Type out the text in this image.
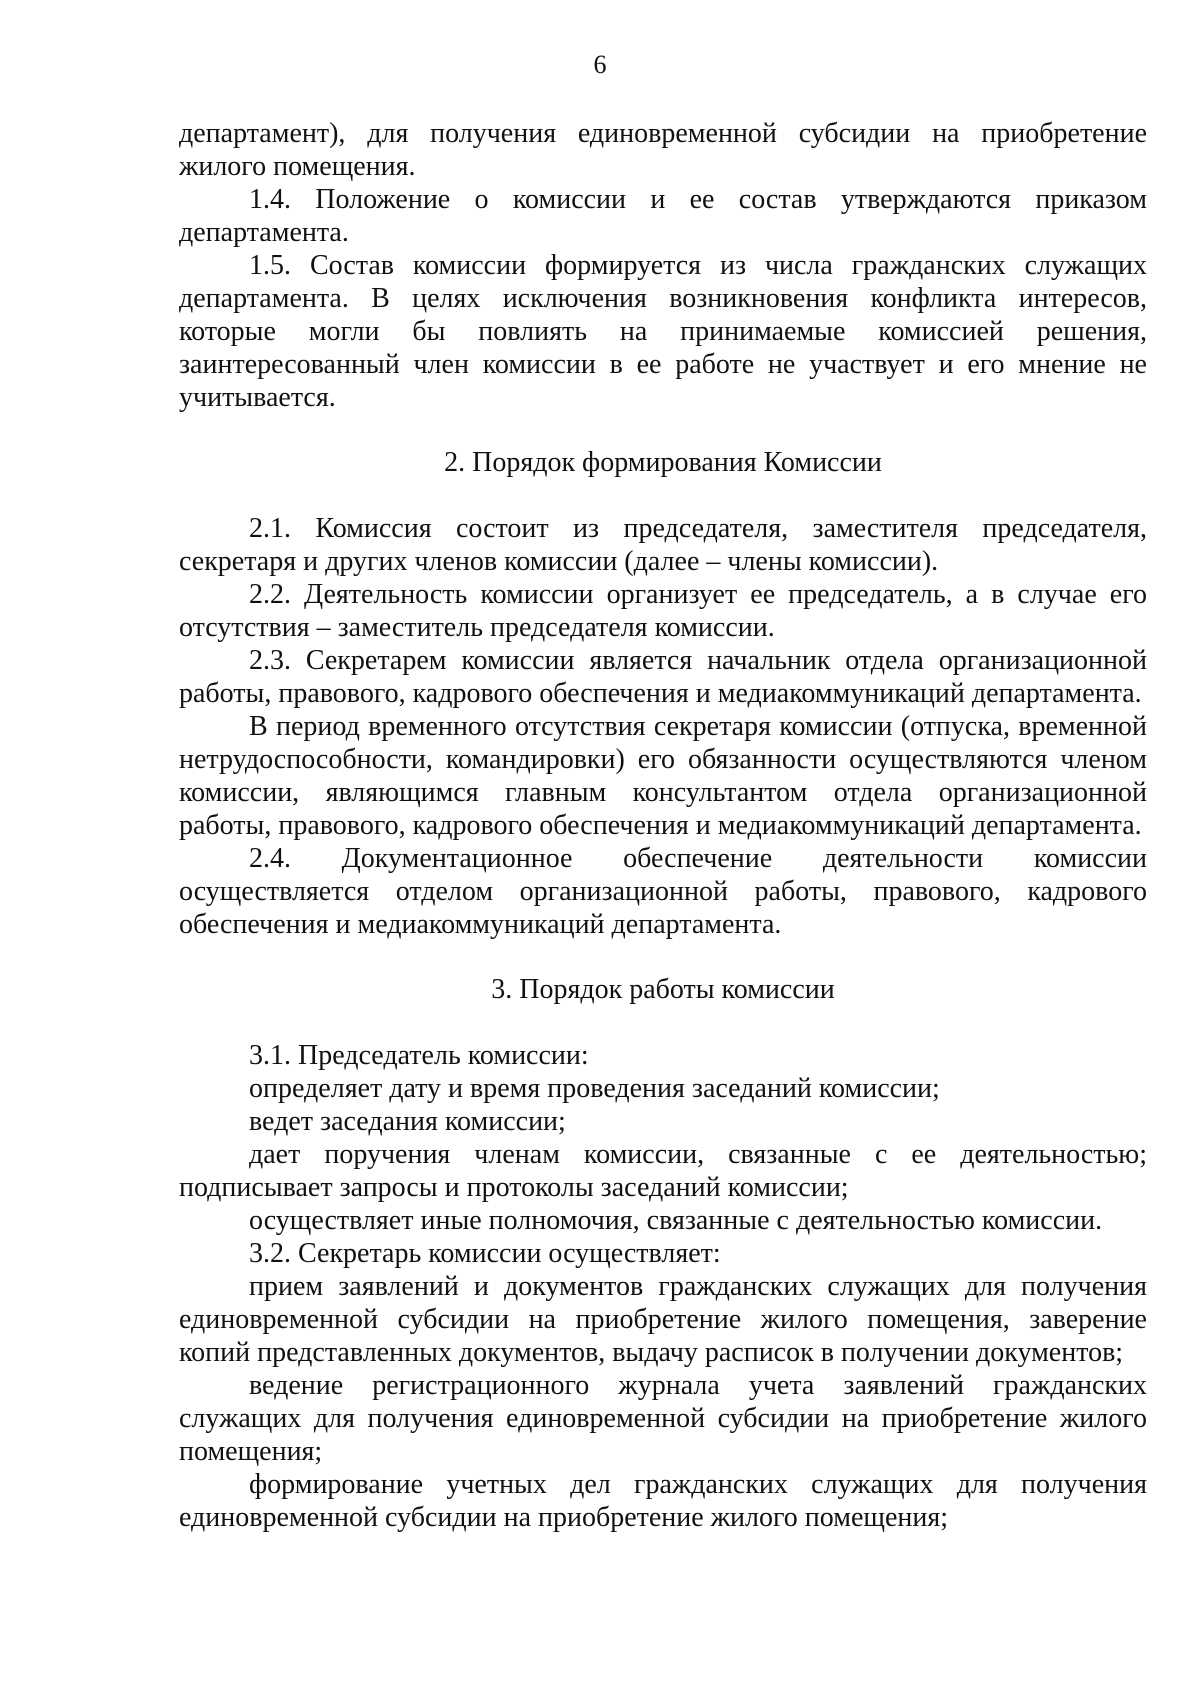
6

департамент), для получения единовременной субсидии на приобретение жилого помещения.

1.4. Положение о комиссии и ее состав утверждаются приказом департамента.

1.5. Состав комиссии формируется из числа гражданских служащих департамента. В целях исключения возникновения конфликта интересов, которые могли бы повлиять на принимаемые комиссией решения, заинтересованный член комиссии в ее работе не участвует и его мнение не учитывается.

2. Порядок формирования Комиссии

2.1. Комиссия состоит из председателя, заместителя председателя, секретаря и других членов комиссии (далее – члены комиссии).

2.2. Деятельность комиссии организует ее председатель, а в случае его отсутствия – заместитель председателя комиссии.

2.3. Секретарем комиссии является начальник отдела организационной работы, правового, кадрового обеспечения и медиакоммуникаций департамента.

В период временного отсутствия секретаря комиссии (отпуска, временной нетрудоспособности, командировки) его обязанности осуществляются членом комиссии, являющимся главным консультантом отдела организационной работы, правового, кадрового обеспечения и медиакоммуникаций департамента.

2.4. Документационное обеспечение деятельности комиссии осуществляется отделом организационной работы, правового, кадрового обеспечения и медиакоммуникаций департамента.

3. Порядок работы комиссии

3.1. Председатель комиссии:

определяет дату и время проведения заседаний комиссии;

ведет заседания комиссии;

дает поручения членам комиссии, связанные с ее деятельностью; подписывает запросы и протоколы заседаний комиссии;

осуществляет иные полномочия, связанные с деятельностью комиссии.

3.2. Секретарь комиссии осуществляет:

прием заявлений и документов гражданских служащих для получения единовременной субсидии на приобретение жилого помещения, заверение копий представленных документов, выдачу расписок в получении документов;

ведение регистрационного журнала учета заявлений гражданских служащих для получения единовременной субсидии на приобретение жилого помещения;

формирование учетных дел гражданских служащих для получения единовременной субсидии на приобретение жилого помещения;
